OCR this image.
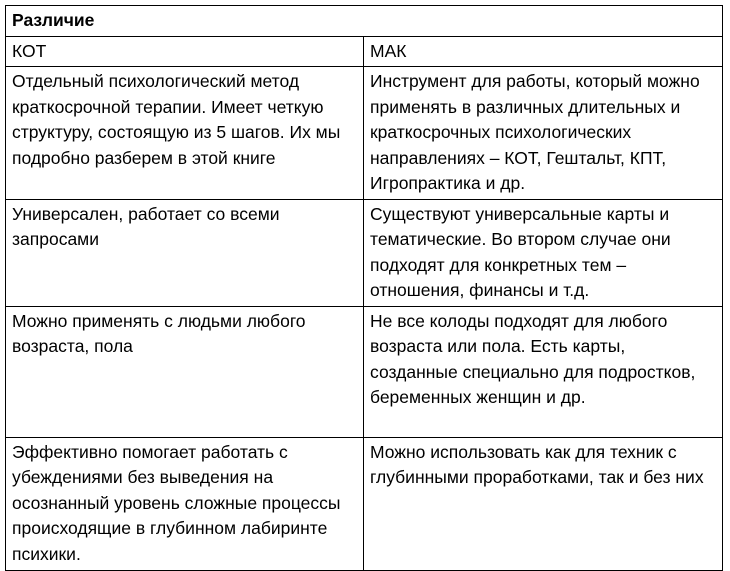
Различие	
КОТ	МАК
Отдельный психологический метод краткосрочной терапии. Имеет четкую структуру, состоящую из 5 шагов. Их мы подробно разберем в этой книге	Инструмент для работы, который можно применять в различных длительных и краткосрочных психологических направлениях – КОТ, Гештальт, КПТ, Игропрактика и др.
Универсален, работает со всеми запросами	Существуют универсальные карты и тематические. Во втором случае они подходят для конкретных тем – отношения, финансы и т.д.
Можно применять с людьми любого возраста, пола	Не все колоды подходят для любого возраста или пола. Есть карты, созданные специально для подростков, беременных женщин и др.
Эффективно помогает работать с убеждениями без выведения на осознанный уровень сложные процессы происходящие в глубинном лабиринте психики.	Можно использовать как для техник с глубинными проработками, так и без них
